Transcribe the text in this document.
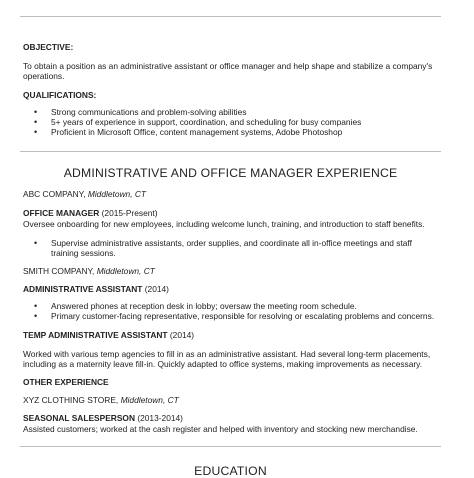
OBJECTIVE:
To obtain a position as an administrative assistant or office manager and help shape and stabilize a company's
operations.
QUALIFICATIONS:
• Strong communications and problem-solving abilities
• 5+ years of experience in support, coordination, and scheduling for busy companies
• Proficient in Microsoft Office, content management systems, Adobe Photoshop
ADMINISTRATIVE AND OFFICE MANAGER EXPERIENCE
ABC COMPANY, Middletown, CT
OFFICE MANAGER (2015-Present)
Oversee onboarding for new employees, including welcome lunch, training, and introduction to staff benefits.
• Supervise administrative assistants, order supplies, and coordinate all in-office meetings and staff
training sessions.
SMITH COMPANY, Middletown, CT
ADMINISTRATIVE ASSISTANT (2014)
• Answered phones at reception desk in lobby; oversaw the meeting room schedule.
• Primary customer-facing representative, responsible for resolving or escalating problems and concerns.
TEMP ADMINISTRATIVE ASSISTANT (2014)
Worked with various temp agencies to fill in as an administrative assistant. Had several long-term placements,
including as a maternity leave fill-in. Quickly adapted to office systems, making improvements as necessary.
OTHER EXPERIENCE
XYZ CLOTHING STORE, Middletown, CT
SEASONAL SALESPERSON (2013-2014)
Assisted customers; worked at the cash register and helped with inventory and stocking new merchandise.
EDUCATION
